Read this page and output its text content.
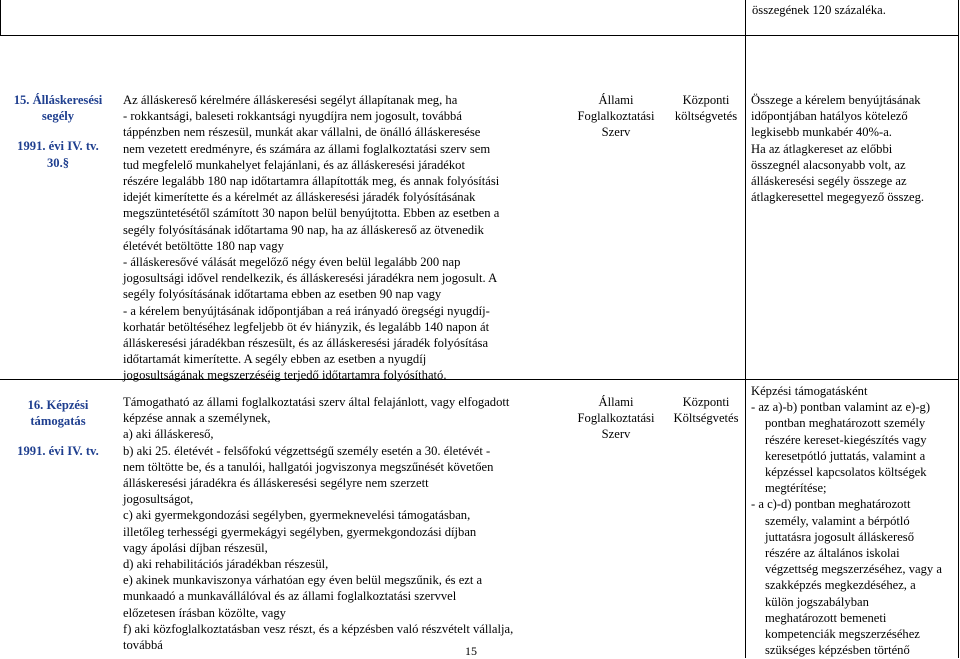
összegének 120 százaléka.
15. Álláskeresési
segély
1991. évi IV. tv.
30.§
Az álláskereső kérelmére álláskeresési segélyt állapítanak meg, ha
- rokkantsági, baleseti rokkantsági nyugdíjra nem jogosult, továbbá
táppénzben nem részesül, munkát akar vállalni, de önálló álláskeresése
nem vezetett eredményre, és számára az állami foglalkoztatási szerv sem
tud megfelelő munkahelyet felajánlani, és az álláskeresési járadékot
részére legalább 180 nap időtartamra állapították meg, és annak folyósítási
idejét kimerítette és a kérelmét az álláskeresési járadék folyósításának
megszüntetésétől számított 30 napon belül benyújtotta. Ebben az esetben a
segély folyósításának időtartama 90 nap, ha az álláskereső az ötvenedik
életévét betöltötte 180 nap vagy
- álláskeresővé válását megelőző négy éven belül legalább 200 nap
jogosultsági idővel rendelkezik, és álláskeresési járadékra nem jogosult. A
segély folyósításának időtartama ebben az esetben 90 nap vagy
- a kérelem benyújtásának időpontjában a reá irányadó öregségi nyugdíj-
korhatár betöltéséhez legfeljebb öt év hiányzik, és legalább 140 napon át
álláskeresési járadékban részesült, és az álláskeresési járadék folyósítása
időtartamát kimerítette. A segély ebben az esetben a nyugdíj
jogosultságának megszerzéséig terjedő időtartamra folyósítható.
Állami
Foglalkoztatási
Szerv
Központi
költségvetés
Összege a kérelem benyújtásának
időpontjában hatályos kötelező
legkisebb munkabér 40%-a.
Ha az átlagkereset az előbbi
összegnél alacsonyabb volt, az
álláskeresési segély összege az
átlagkeresettel megegyező összeg.
16. Képzési
támogatás
1991. évi IV. tv.
Támogatható az állami foglalkoztatási szerv által felajánlott, vagy elfogadott
képzése annak a személynek,
a) aki álláskereső,
b) aki 25. életévét - felsőfokú végzettségű személy esetén a 30. életévét -
nem töltötte be, és a tanulói, hallgatói jogviszonya megszűnését követően
álláskeresési járadékra és álláskeresési segélyre nem szerzett
jogosultságot,
c) aki gyermekgondozási segélyben, gyermeknevelési támogatásban,
illetőleg terhességi gyermekágyi segélyben, gyermekgondozási díjban
vagy ápolási díjban részesül,
d) aki rehabilitációs járadékban részesül,
e) akinek munkaviszonya várhatóan egy éven belül megszűnik, és ezt a
munkaadó a munkavállálóval és az állami foglalkoztatási szervvel
előzetesen írásban közölte, vagy
f) aki közfoglalkoztatásban vesz részt, és a képzésben való részvételt vállalja,
továbbá
Állami
Foglalkoztatási
Szerv
Központi
Költségvetés
Képzési támogatásként
- az a)-b) pontban valamint az e)-g)
pontban meghatározott személy
részére kereset-kiegészítés vagy
keresetpótló juttatás, valamint a
képzéssel kapcsolatos költségek
megtérítése;
- a c)-d) pontban meghatározott
személy, valamint a bérpótló
juttatásra jogosult álláskereső
részére az általános iskolai
végzettség megszerzéséhez, vagy a
szakképzés megkezdéséhez, a
külön jogszabályban
meghatározott bemeneti
kompetenciák megszerzéséhez
szükséges képzésben történő
15
